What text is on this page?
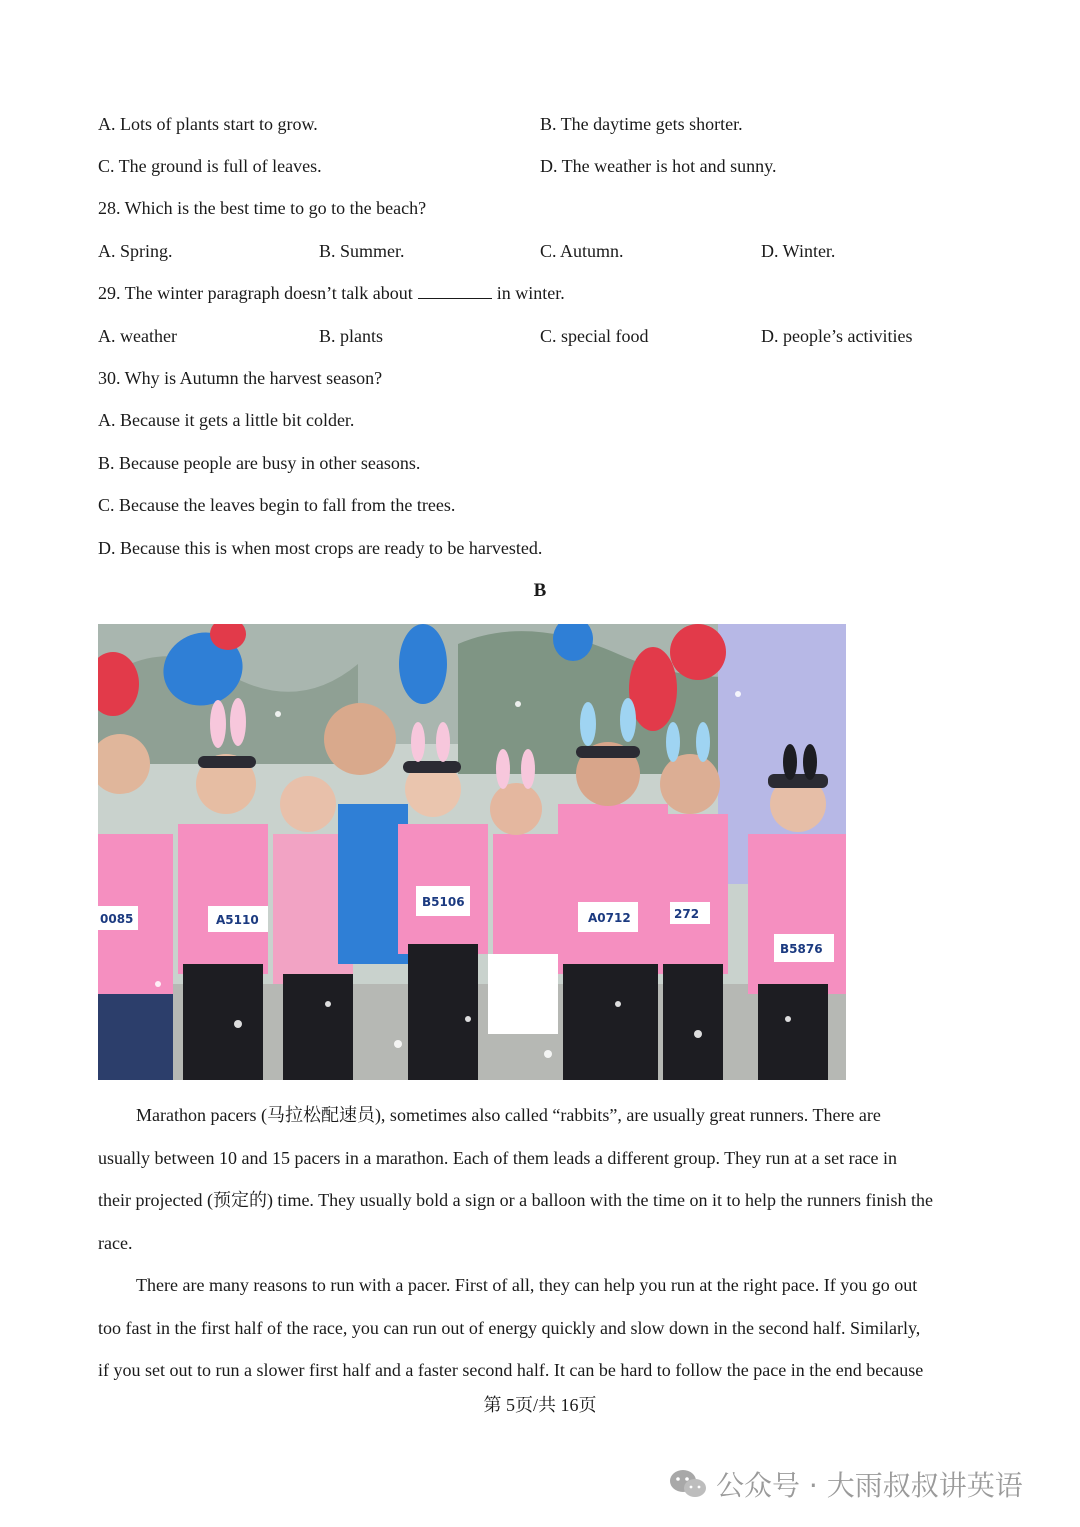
A. Lots of plants start to grow.	B. The daytime gets shorter.
C. The ground is full of leaves.	D. The weather is hot and sunny.
28. Which is the best time to go to the beach?
A. Spring.	B. Summer.	C. Autumn.	D. Winter.
29. The winter paragraph doesn’t talk about	in winter.
A. weather	B. plants	C. special food	D. people’s activities
30. Why is Autumn the harvest season?
A. Because it gets a little bit colder.
B. Because people are busy in other seasons.
C. Because the leaves begin to fall from the trees.
D. Because this is when most crops are ready to be harvested.
B
0085	A5110
B5106
A0712	272
B5876
Marathon pacers (马拉松配速员), sometimes also called “rabbits”, are usually great runners. There are
usually between 10 and 15 pacers in a marathon. Each of them leads a different group. They run at a set race in
their projected (预定的) time. They usually bold a sign or a balloon with the time on it to help the runners finish the
race.
There are many reasons to run with a pacer. First of all, they can help you run at the right pace. If you go out
too fast in the first half of the race, you can run out of energy quickly and slow down in the second half. Similarly,
if you set out to run a slower first half and a faster second half. It can be hard to follow the pace in the end because
第 5页/共 16页
公众号 · 大雨叔叔讲英语
